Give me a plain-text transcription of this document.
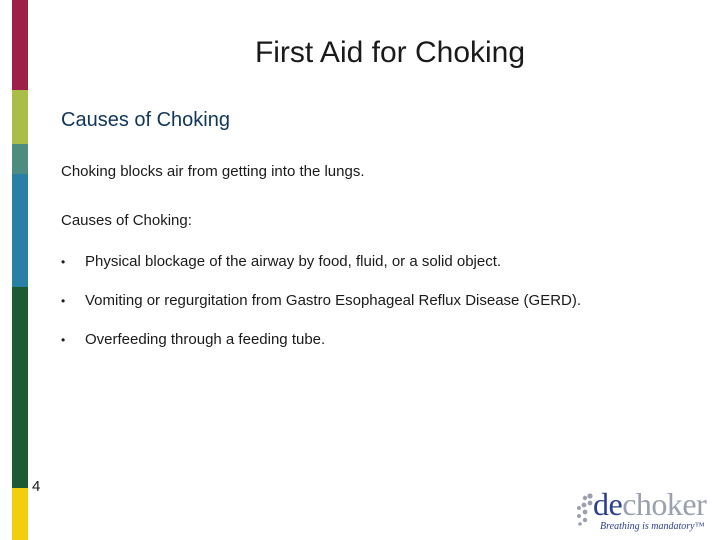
First Aid for Choking
Causes of Choking
Choking blocks air from getting into the lungs.
Causes of Choking:
• Physical blockage of the airway by food, fluid, or a solid object.
• Vomiting or regurgitation from Gastro Esophageal Reflux Disease (GERD).
• Overfeeding through a feeding tube.
4	dechoker
Breathing is mandatory™
